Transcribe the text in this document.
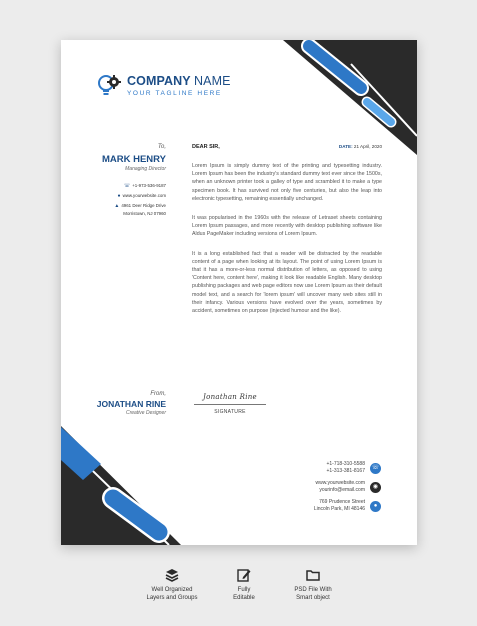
COMPANY NAME
YOUR TAGLINE HERE
To,
MARK HENRY
Managing Director
☏ +1-973-536-9187
● www.yourwebsite.com
▲ 4961 Deer Ridge Drive
Morristown, NJ 07960
DEAR SIR,	DATE: 21 April, 2020

Lorem Ipsum is simply dummy text of the printing and typesetting industry. Lorem Ipsum has been the industry's standard dummy text ever since the 1500s, when an unknown printer took a galley of type and scrambled it to make a type specimen book. It has survived not only five centuries, but also the leap into electronic typesetting, remaining essentially unchanged.

It was popularised in the 1960s with the release of Letraset sheets containing Lorem Ipsum passages, and more recently with desktop publishing software like Aldus PageMaker including versions of Lorem Ipsum.

It is a long established fact that a reader will be distracted by the readable content of a page when looking at its layout. The point of using Lorem Ipsum is that it has a more-or-less normal distribution of letters, as opposed to using 'Content here, content here', making it look like readable English. Many desktop publishing packages and web page editors now use Lorem Ipsum as their default model text, and a search for 'lorem ipsum' will uncover many web sites still in their infancy. Various versions have evolved over the years, sometimes by accident, sometimes on purpose (injected humour and the like).

From,
JONATHAN RINE
Creative Designer
Jonathan Rine
SIGNATURE
+1-718-310-5588
+1-313-381-8167 ☏
www.yourwebsite.com
yourinfo@email.com	◉
769 Prudence Street
Lincoln Park, MI 48146	●
Well Organized
Layers and Groups
Fully
Editable
PSD File With
Smart object
